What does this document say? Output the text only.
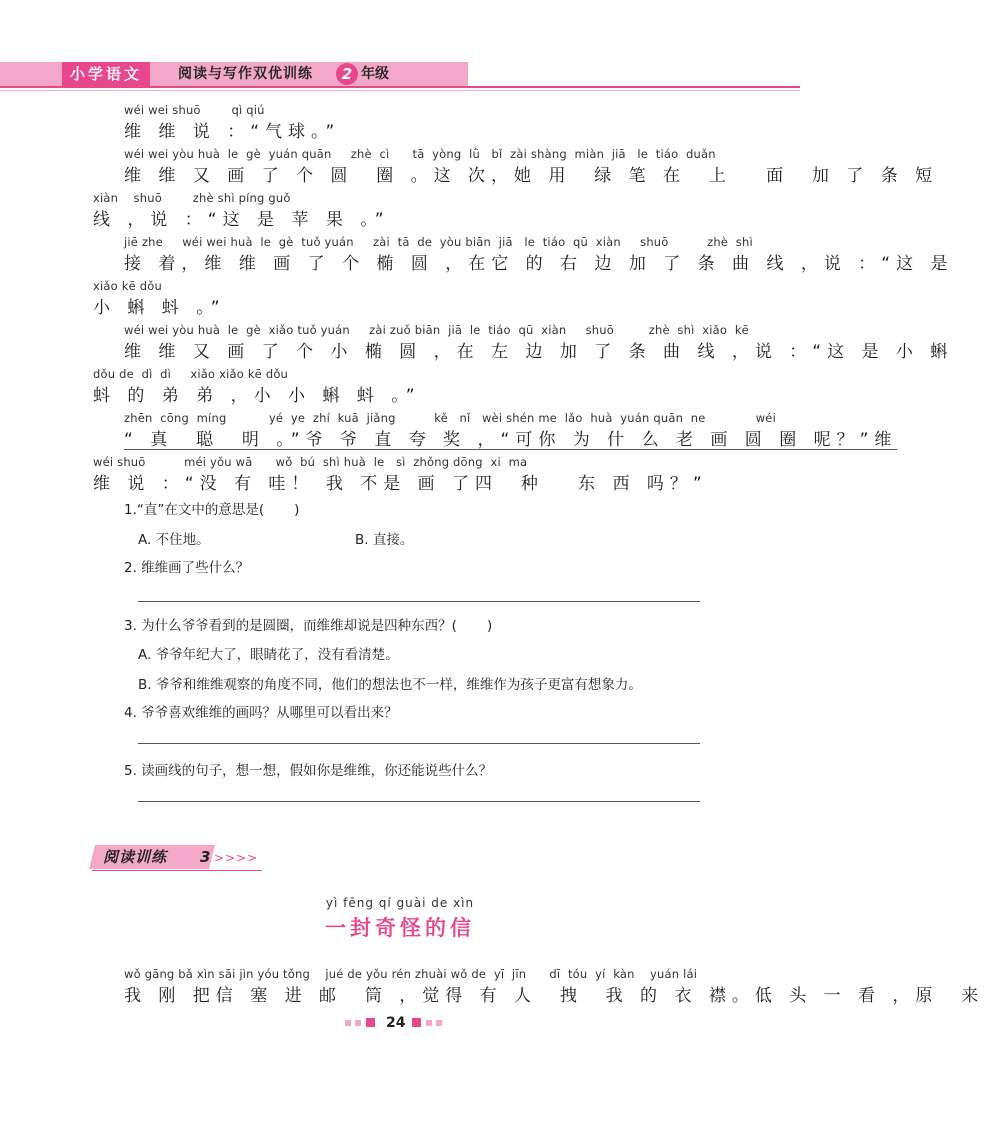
小学语文	阅读与写作双优训练	2 年级
wéi wei shuō        qì qiú
维 维 说 ：“气球。”
wéi wei yòu huà  le  gè  yuán quān     zhè  cì      tā  yòng  lǜ   bǐ  zài shàng  miàn  jiā   le  tiáo  duǎn
维 维 又 画 了 个 圆  圈 。这 次，她 用  绿 笔 在  上   面  加 了 条 短
xiàn    shuō        zhè shì píng guǒ
线 ，说 ：“这 是 苹 果 。”
jiē zhe     wéi wei huà  le  gè  tuǒ yuán     zài  tā  de  yòu biān  jiā   le  tiáo  qū  xiàn     shuō          zhè  shì
接 着，维 维 画 了 个 椭 圆 ，在它 的 右 边 加 了 条 曲 线 ，说 ：“这 是
xiǎo kē dǒu
小 蝌 蚪 。”
wéi wei yòu huà  le  gè  xiǎo tuǒ yuán     zài zuǒ biān  jiā  le  tiáo  qū  xiàn     shuō         zhè  shì  xiǎo  kē
维 维 又 画 了 个 小 椭 圆 ，在 左 边 加 了 条 曲 线 ，说 ：“这 是 小 蝌
dǒu de  dì  dì     xiǎo xiǎo kē dǒu
蚪 的 弟 弟 ，小 小 蝌 蚪 。”
zhēn  cōng  míng           yé  ye  zhí  kuā  jiǎng          kě   nǐ   wèi shén me  lǎo  huà  yuán quān  ne             wéi
“ 真  聪  明 。”爷 爷 直 夸 奖 ，“可你 为 什 么 老 画 圆 圈 呢？”维
wéi shuō          méi yǒu wā      wǒ  bú  shì huà  le   sì  zhǒng dōng  xi  ma
维 说 ：“没 有 哇！ 我 不是 画 了四  种   东 西 吗？”
1.“直”在文中的意思是(       )
A. 不住地。	B. 直接。
2. 维维画了些什么？
3. 为什么爷爷看到的是圆圈，而维维却说是四种东西？(       )
A. 爷爷年纪大了，眼睛花了，没有看清楚。
B. 爷爷和维维观察的角度不同，他们的想法也不一样，维维作为孩子更富有想象力。
4. 爷爷喜欢维维的画吗？从哪里可以看出来？
5. 读画线的句子，想一想，假如你是维维，你还能说些什么？
阅读训练 3 >>>>
yì fēng qí guài de xìn
一封奇怪的信
wǒ gāng bǎ xìn sāi jìn yóu tǒng    jué de yǒu rén zhuài wǒ de  yī  jīn      dī  tóu  yí  kàn    yuán lái
我 刚 把信 塞 进 邮  筒 ，觉得 有 人  拽  我 的 衣 襟。低 头 一 看 ，原  来
24
